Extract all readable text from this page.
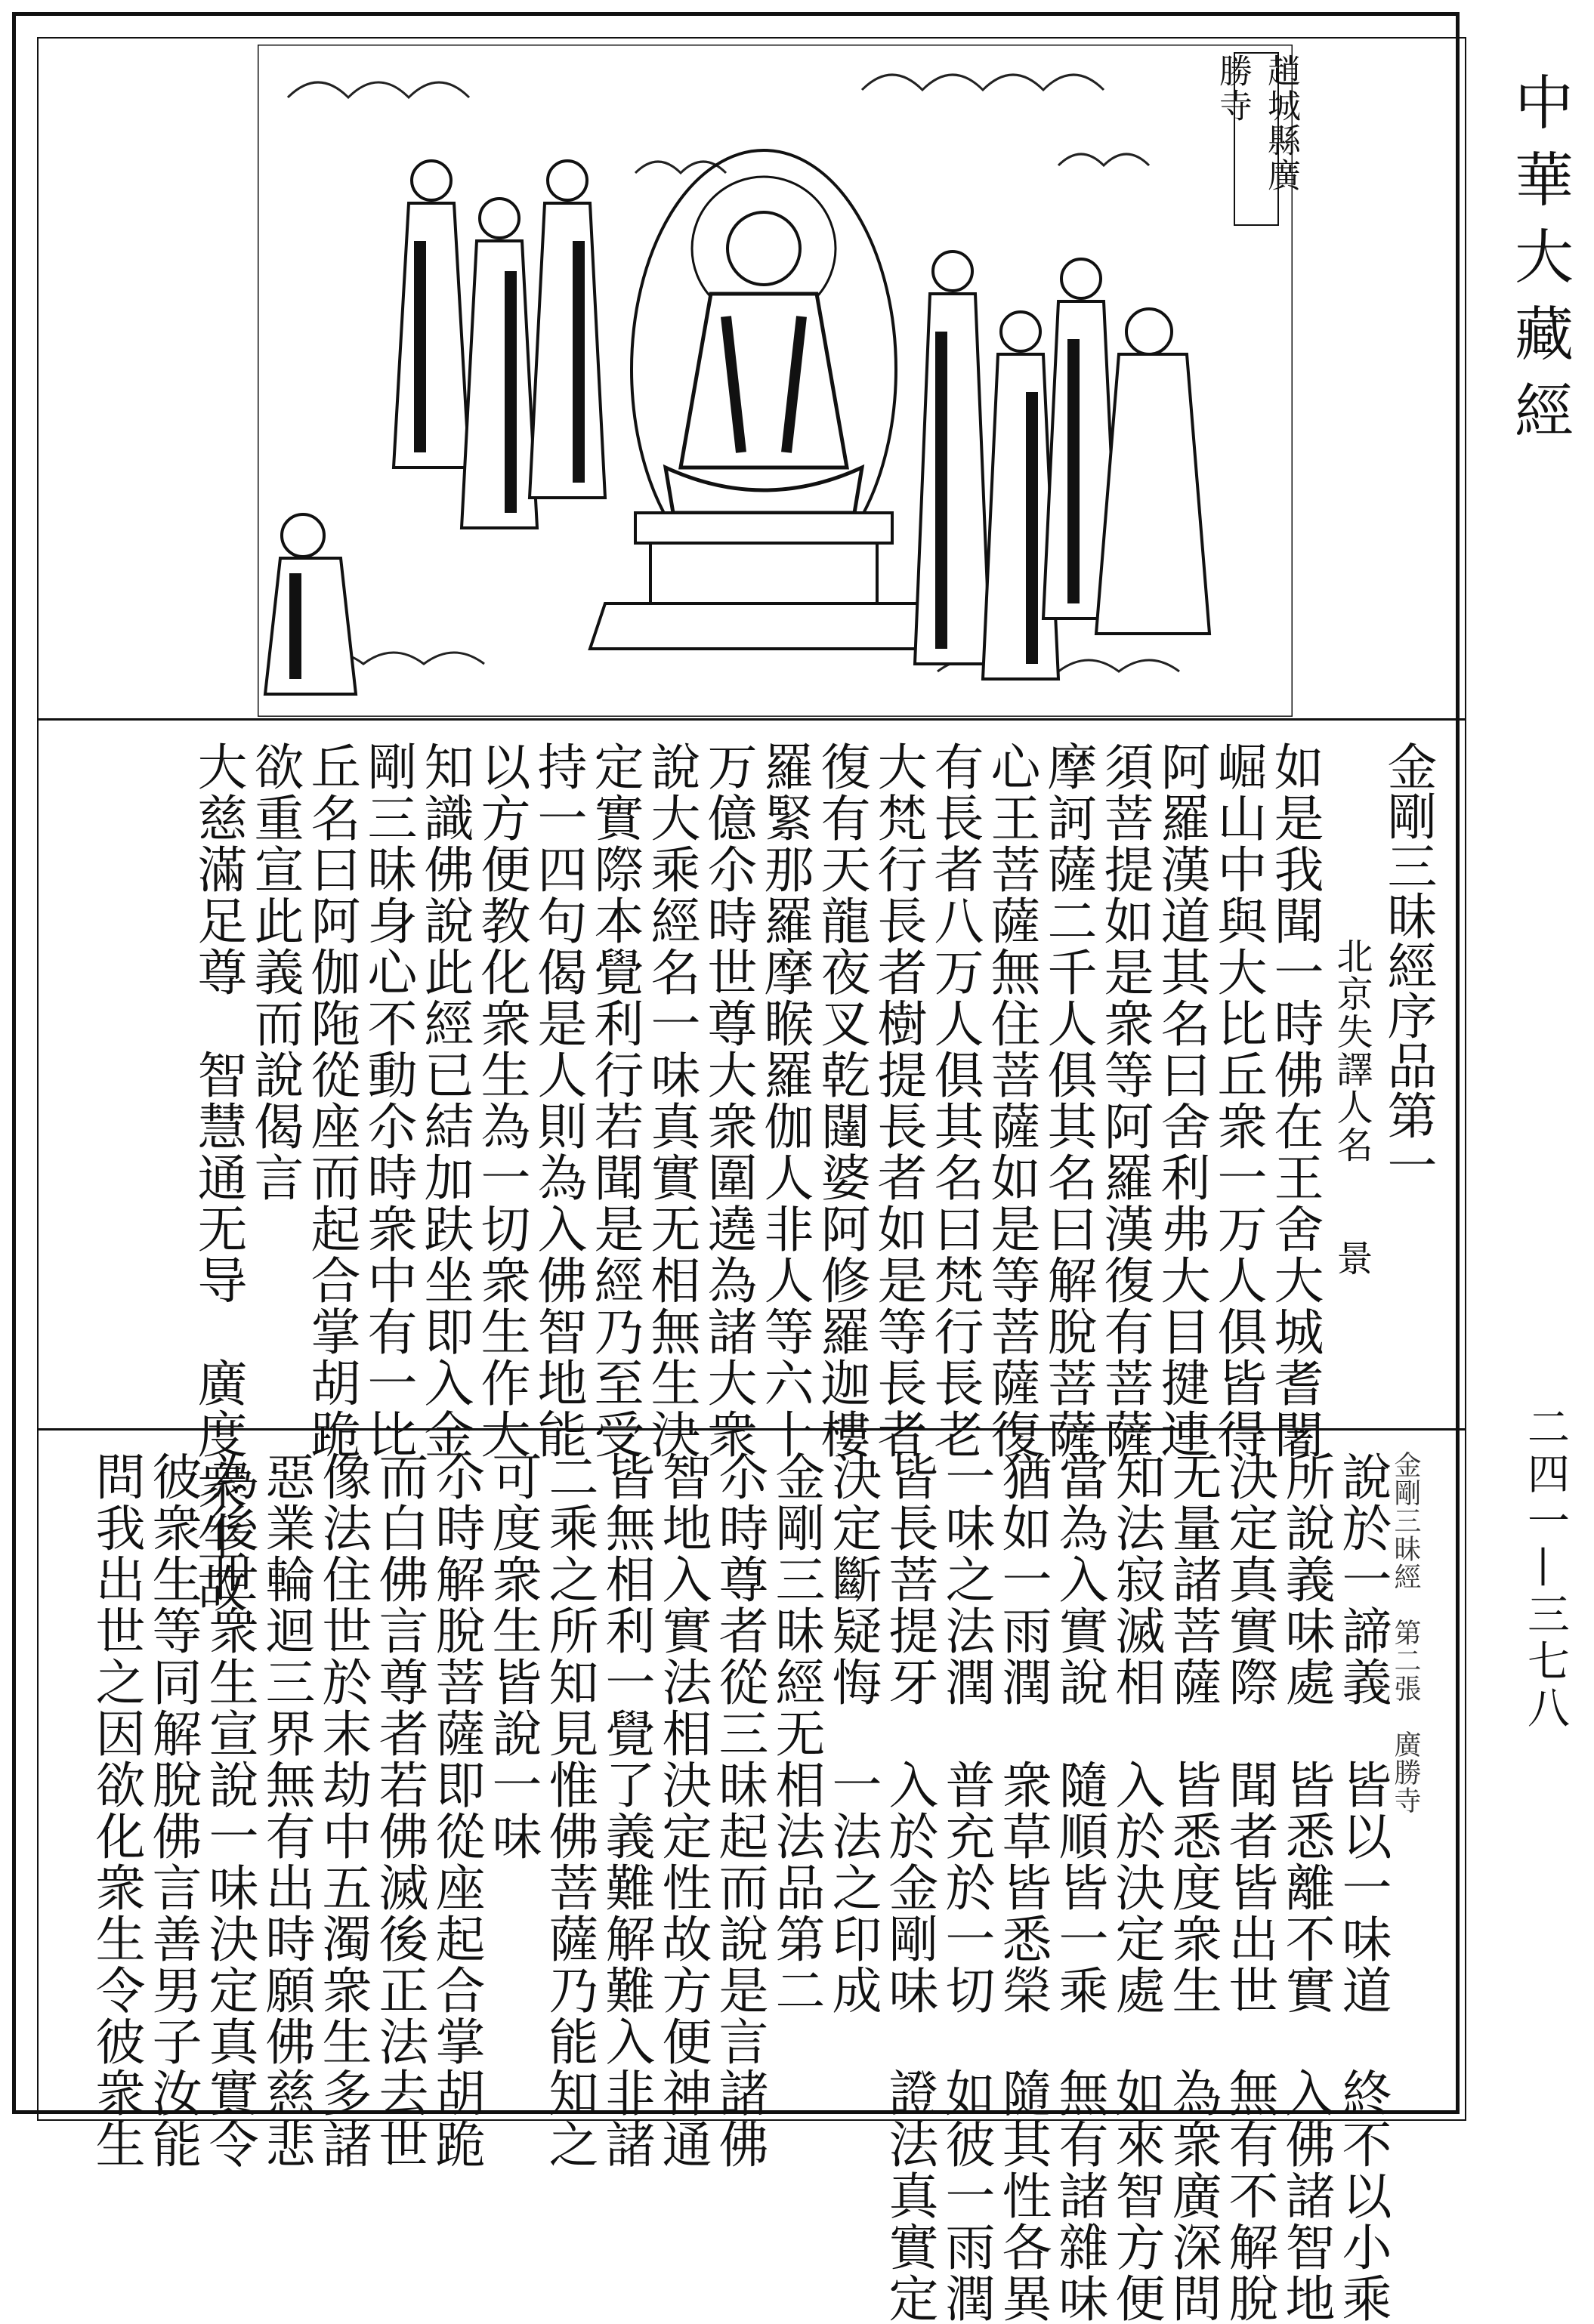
中華大藏經
二四一—三七八
金剛三昧經序品第一
北京失譯人名　　景
如是我聞一時佛在王舍大城耆闍
崛山中與大比丘衆一万人俱皆得
阿羅漢道其名曰舍利弗大目揵連
須菩提如是衆等阿羅漢復有菩薩
摩訶薩二千人俱其名曰解脫菩薩
心王菩薩無住菩薩如是等菩薩復
有長者八万人俱其名曰梵行長老
大梵行長者樹提長者如是等長者
復有天龍夜叉乾闥婆阿修羅迦樓
羅緊那羅摩睺羅伽人非人等六十
万億尒時世尊大衆圍遶為諸大衆
說大乘經名一味真實无相無生決
定實際本覺利行若聞是經乃至受
持一四句偈是人則為入佛智地能
以方便教化衆生為一切衆生作大
知識佛說此經已結加趺坐即入金
剛三昧身心不動尒時衆中有一比
丘名曰阿伽陁從座而起合掌胡跪
欲重宣此義而說偈言
大慈滿足尊　智慧通无导　廣度衆生故
說於一諦義　皆以一味道　終不以小乘
所說義味處　皆悉離不實　入佛諸智地
決定真實際　聞者皆出世　無有不解脫
无量諸菩薩　皆悉度衆生　為衆廣深問
知法寂滅相　入於決定處　如來智方便
當為入實說　隨順皆一乘　無有諸雜味
猶如一雨潤　衆草皆悉榮　隨其性各異
一味之法潤　普充於一切　如彼一雨潤
皆長菩提牙　入於金剛味　證法真實定
決定斷疑悔　一法之印成
金剛三昧經无相法品第二
尒時尊者從三昧起而說是言諸佛
智地入實法相決定性故方便神通
皆無相利一覺了義難解難入非諸
二乘之所知見惟佛菩薩乃能知之
可度衆生皆說一味
尒時解脫菩薩即從座起合掌胡跪
而白佛言尊者若佛滅後正法去世
像法住世於末劫中五濁衆生多諸
惡業輪迴三界無有出時願佛慈悲
為後世衆生宣說一味決定真實令
彼衆生等同解脫佛言善男子汝能
問我出世之因欲化衆生令彼衆生	金剛三昧經　第二張　廣勝寺
